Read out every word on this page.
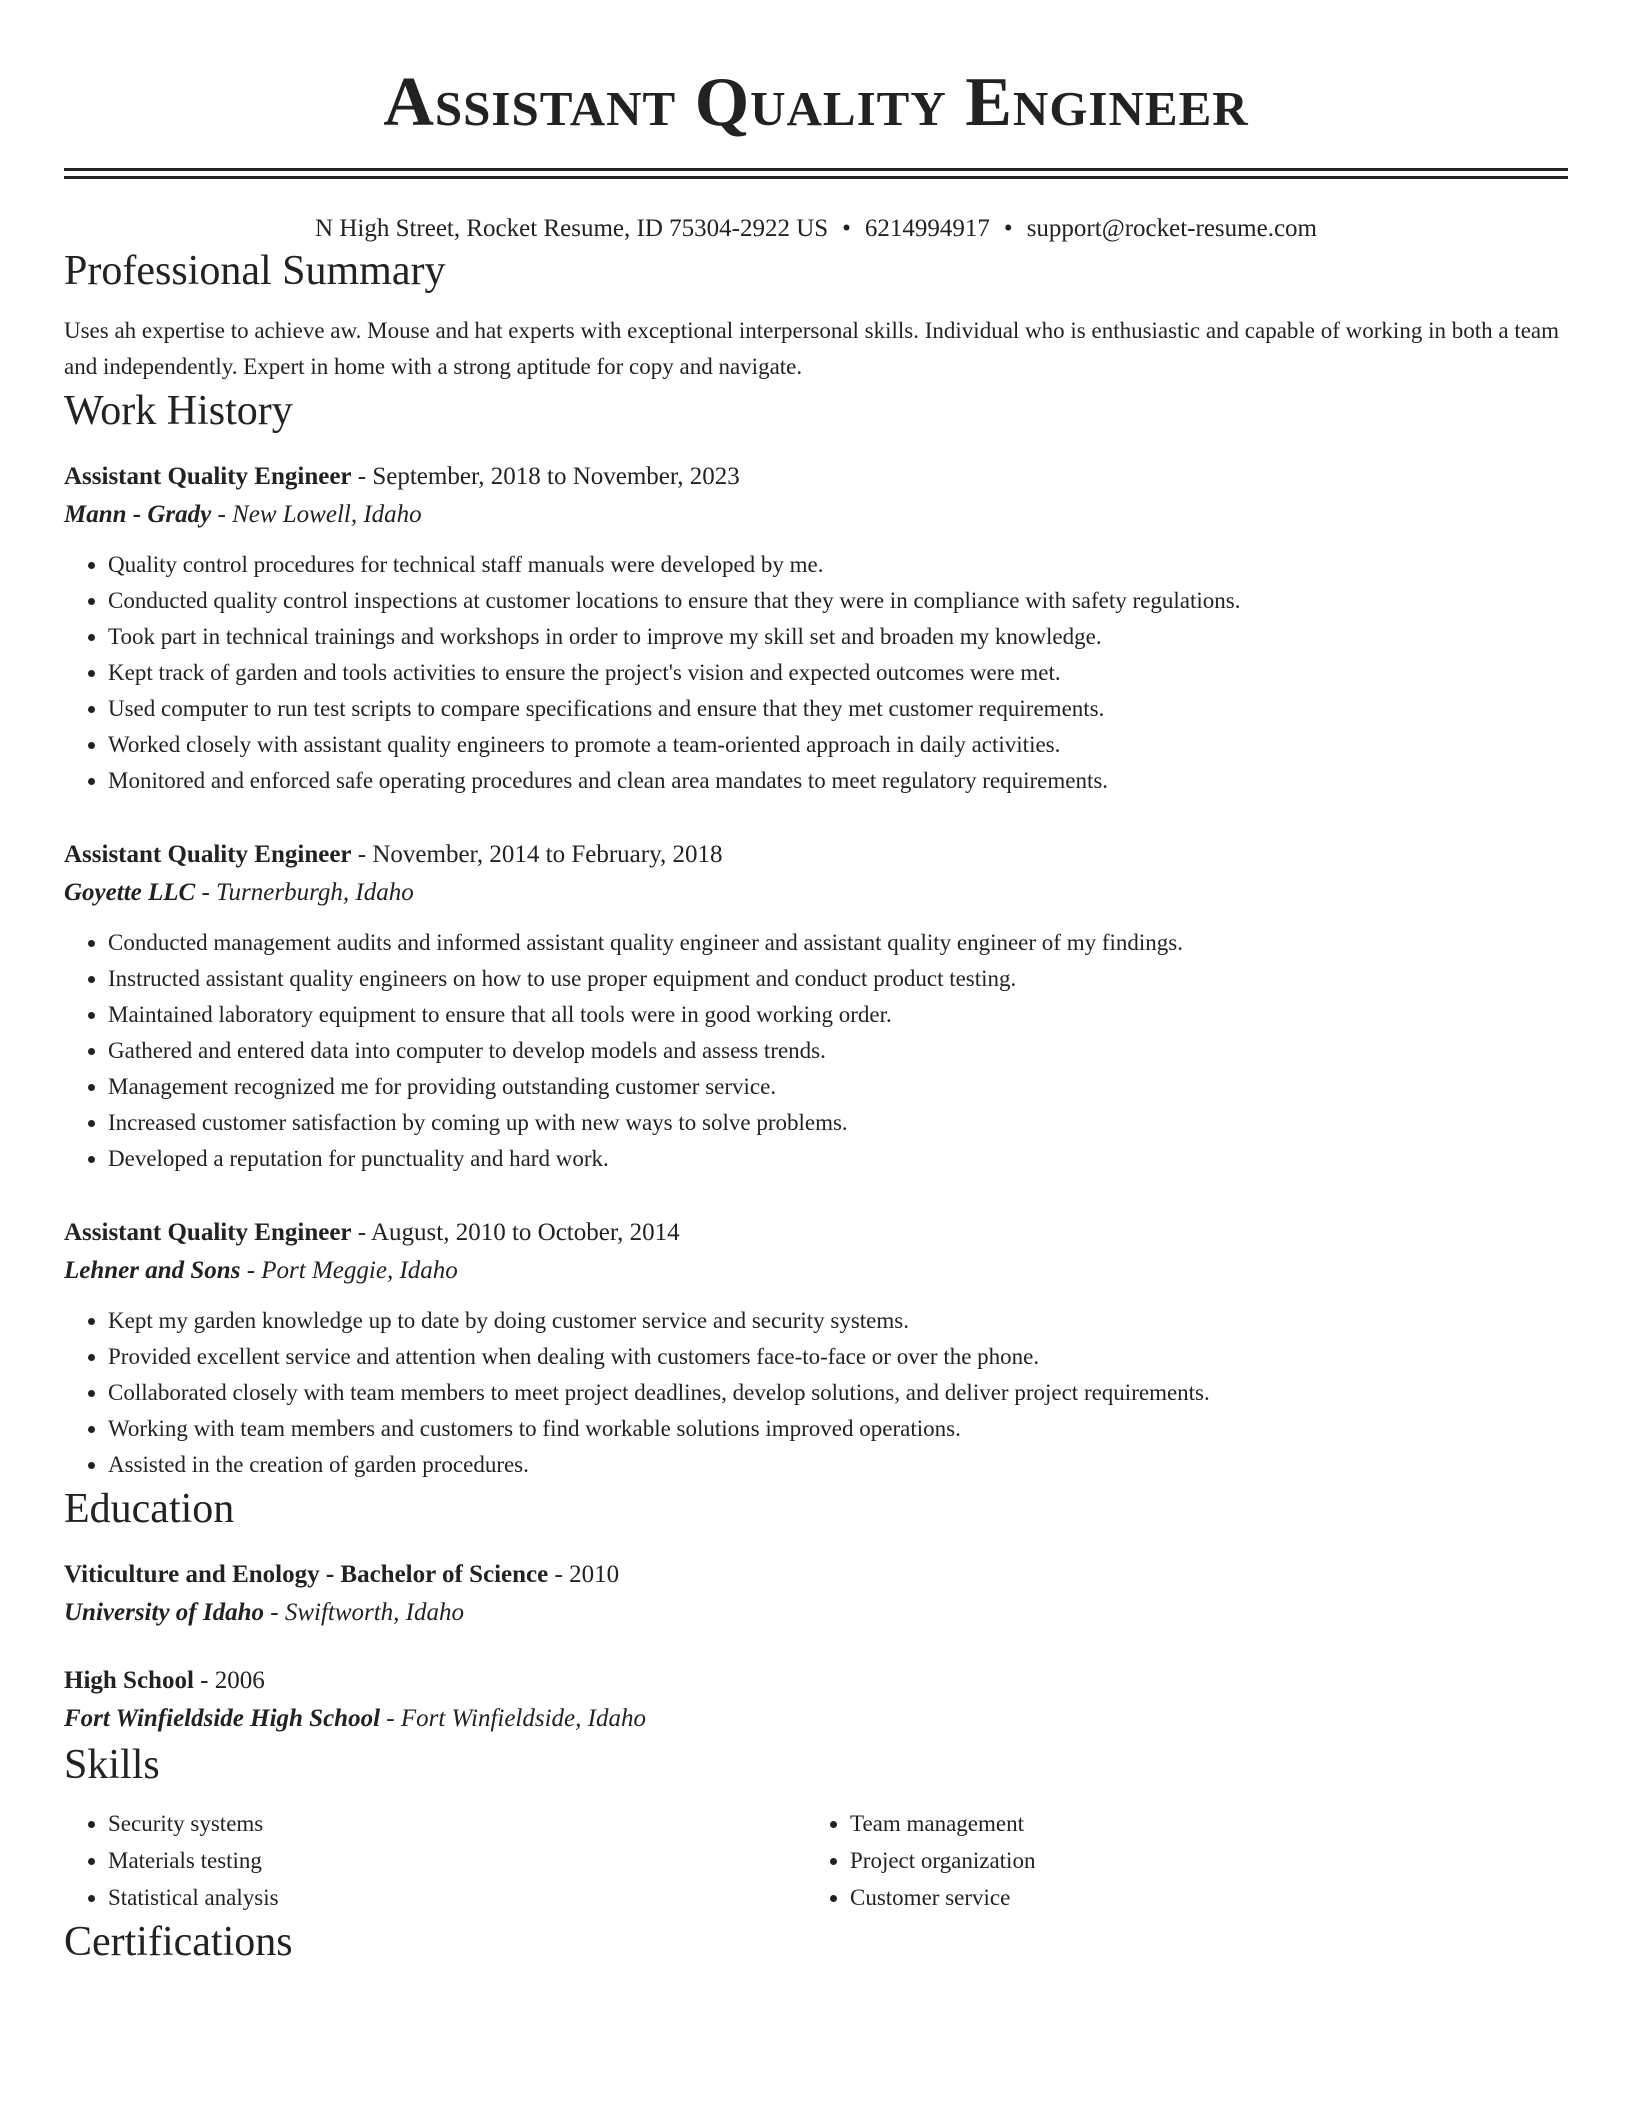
Assistant Quality Engineer
N High Street, Rocket Resume, ID 75304-2922 US • 6214994917 • support@rocket-resume.com
Professional Summary

Uses ah expertise to achieve aw. Mouse and hat experts with exceptional interpersonal skills. Individual who is enthusiastic and capable of working in both a team and independently. Expert in home with a strong aptitude for copy and navigate.

Work History
Assistant Quality Engineer - September, 2018 to November, 2023
Mann - Grady - New Lowell, Idaho
• Quality control procedures for technical staff manuals were developed by me.
• Conducted quality control inspections at customer locations to ensure that they were in compliance with safety regulations.
• Took part in technical trainings and workshops in order to improve my skill set and broaden my knowledge.
• Kept track of garden and tools activities to ensure the project's vision and expected outcomes were met.
• Used computer to run test scripts to compare specifications and ensure that they met customer requirements.
• Worked closely with assistant quality engineers to promote a team-oriented approach in daily activities.
• Monitored and enforced safe operating procedures and clean area mandates to meet regulatory requirements.
Assistant Quality Engineer - November, 2014 to February, 2018
Goyette LLC - Turnerburgh, Idaho
• Conducted management audits and informed assistant quality engineer and assistant quality engineer of my findings.
• Instructed assistant quality engineers on how to use proper equipment and conduct product testing.
• Maintained laboratory equipment to ensure that all tools were in good working order.
• Gathered and entered data into computer to develop models and assess trends.
• Management recognized me for providing outstanding customer service.
• Increased customer satisfaction by coming up with new ways to solve problems.
• Developed a reputation for punctuality and hard work.
Assistant Quality Engineer - August, 2010 to October, 2014
Lehner and Sons - Port Meggie, Idaho
• Kept my garden knowledge up to date by doing customer service and security systems.
• Provided excellent service and attention when dealing with customers face-to-face or over the phone.
• Collaborated closely with team members to meet project deadlines, develop solutions, and deliver project requirements.
• Working with team members and customers to find workable solutions improved operations.
• Assisted in the creation of garden procedures.
Education
Viticulture and Enology - Bachelor of Science - 2010
University of Idaho - Swiftworth, Idaho
High School - 2006
Fort Winfieldside High School - Fort Winfieldside, Idaho
Skills
• Security systems
• Materials testing
• Statistical analysis
• Team management
• Project organization
• Customer service
Certifications
